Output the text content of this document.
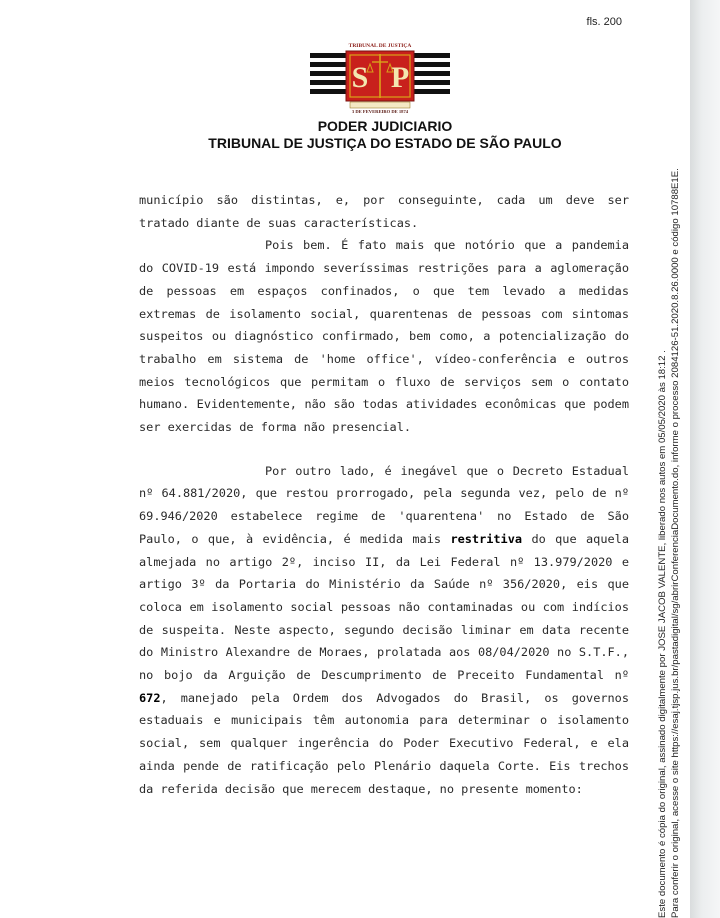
fls. 200
TRIBUNAL DE JUSTIÇA
S P
3 DE FEVEREIRO DE 1874
PODER JUDICIARIO
TRIBUNAL DE JUSTIÇA DO ESTADO DE SÃO PAULO

município são distintas, e, por conseguinte, cada um deve ser tratado diante de suas características.

Pois bem. É fato mais que notório que a pandemia do COVID-19 está impondo severíssimas restrições para a aglomeração de pessoas em espaços confinados, o que tem levado a medidas extremas de isolamento social, quarentenas de pessoas com sintomas suspeitos ou diagnóstico confirmado, bem como, a potencialização do trabalho em sistema de 'home office', vídeo-conferência e outros meios tecnológicos que permitam o fluxo de serviços sem o contato humano. Evidentemente, não são todas atividades econômicas que podem ser exercidas de forma não presencial.

Por outro lado, é inegável que o Decreto Estadual nº 64.881/2020, que restou prorrogado, pela segunda vez, pelo de nº 69.946/2020 estabelece regime de 'quarentena' no Estado de São Paulo, o que, à evidência, é medida mais restritiva do que aquela almejada no artigo 2º, inciso II, da Lei Federal nº 13.979/2020 e artigo 3º da Portaria do Ministério da Saúde nº 356/2020, eis que coloca em isolamento social pessoas não contaminadas ou com indícios de suspeita. Neste aspecto, segundo decisão liminar em data recente do Ministro Alexandre de Moraes, prolatada aos 08/04/2020 no S.T.F., no bojo da Arguição de Descumprimento de Preceito Fundamental nº 672, manejado pela Ordem dos Advogados do Brasil, os governos estaduais e municipais têm autonomia para determinar o isolamento social, sem qualquer ingerência do Poder Executivo Federal, e ela ainda pende de ratificação pelo Plenário daquela Corte. Eis trechos da referida decisão que merecem destaque, no presente momento:	Este documento é cópia do original, assinado digitalmente por JOSE JACOB VALENTE, liberado nos autos em 05/05/2020 às 18:12 . Para conferir o original, acesse o site https://esaj.tjsp.jus.br/pastadigital/sg/abrirConferenciaDocumento.do, informe o processo 2084126-51.2020.8.26.0000 e código 10788E1E.
